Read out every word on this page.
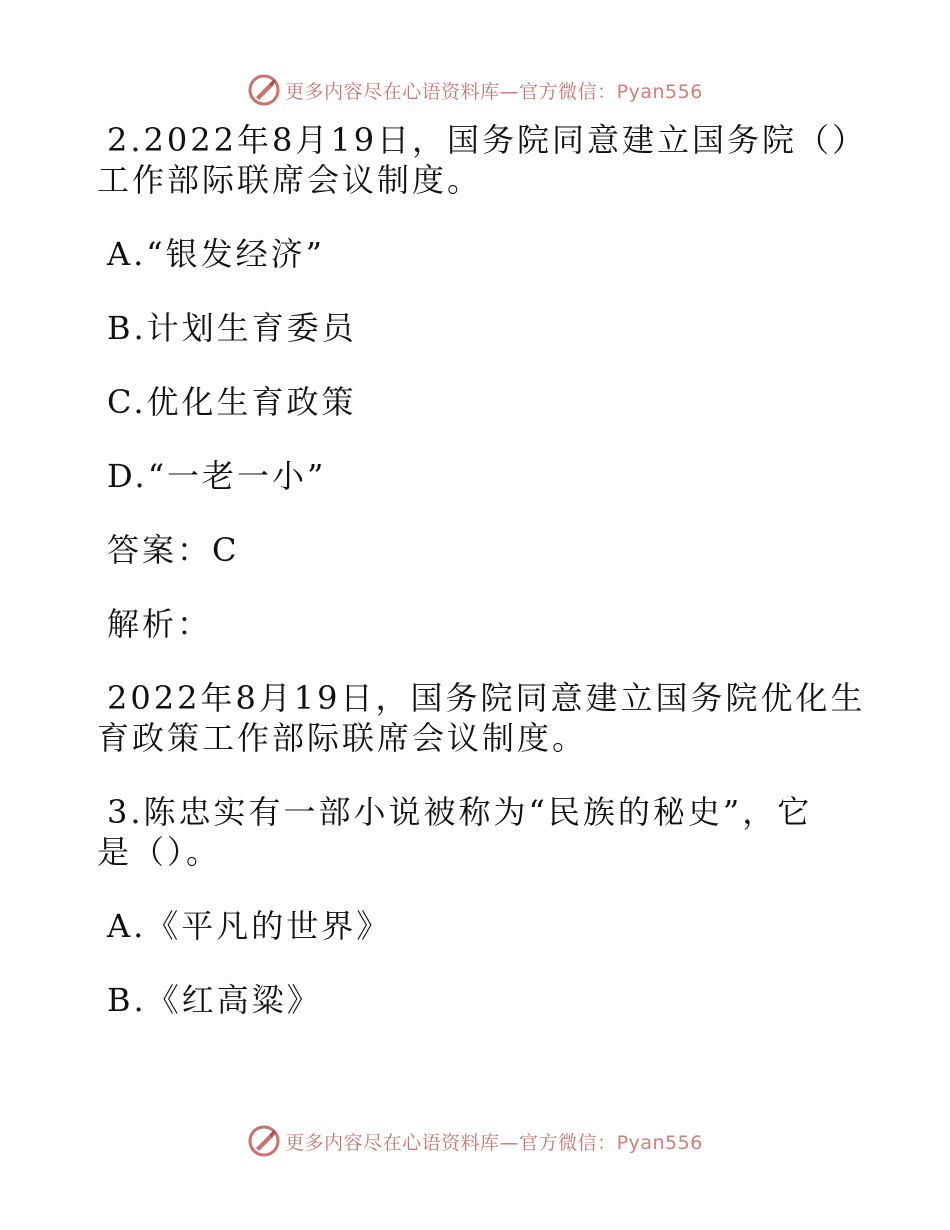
更多内容尽在心语资料库—官方微信：Pyan556
2.2022年8月19日，国务院同意建立国务院（）
工作部际联席会议制度。
A.“银发经济”
B.计划生育委员
C.优化生育政策
D.“一老一小”
答案：C
解析：
2022年8月19日，国务院同意建立国务院优化生
育政策工作部际联席会议制度。
3.陈忠实有一部小说被称为“民族的秘史”，它
是（）。
A.《平凡的世界》
B.《红高粱》
更多内容尽在心语资料库—官方微信：Pyan556
